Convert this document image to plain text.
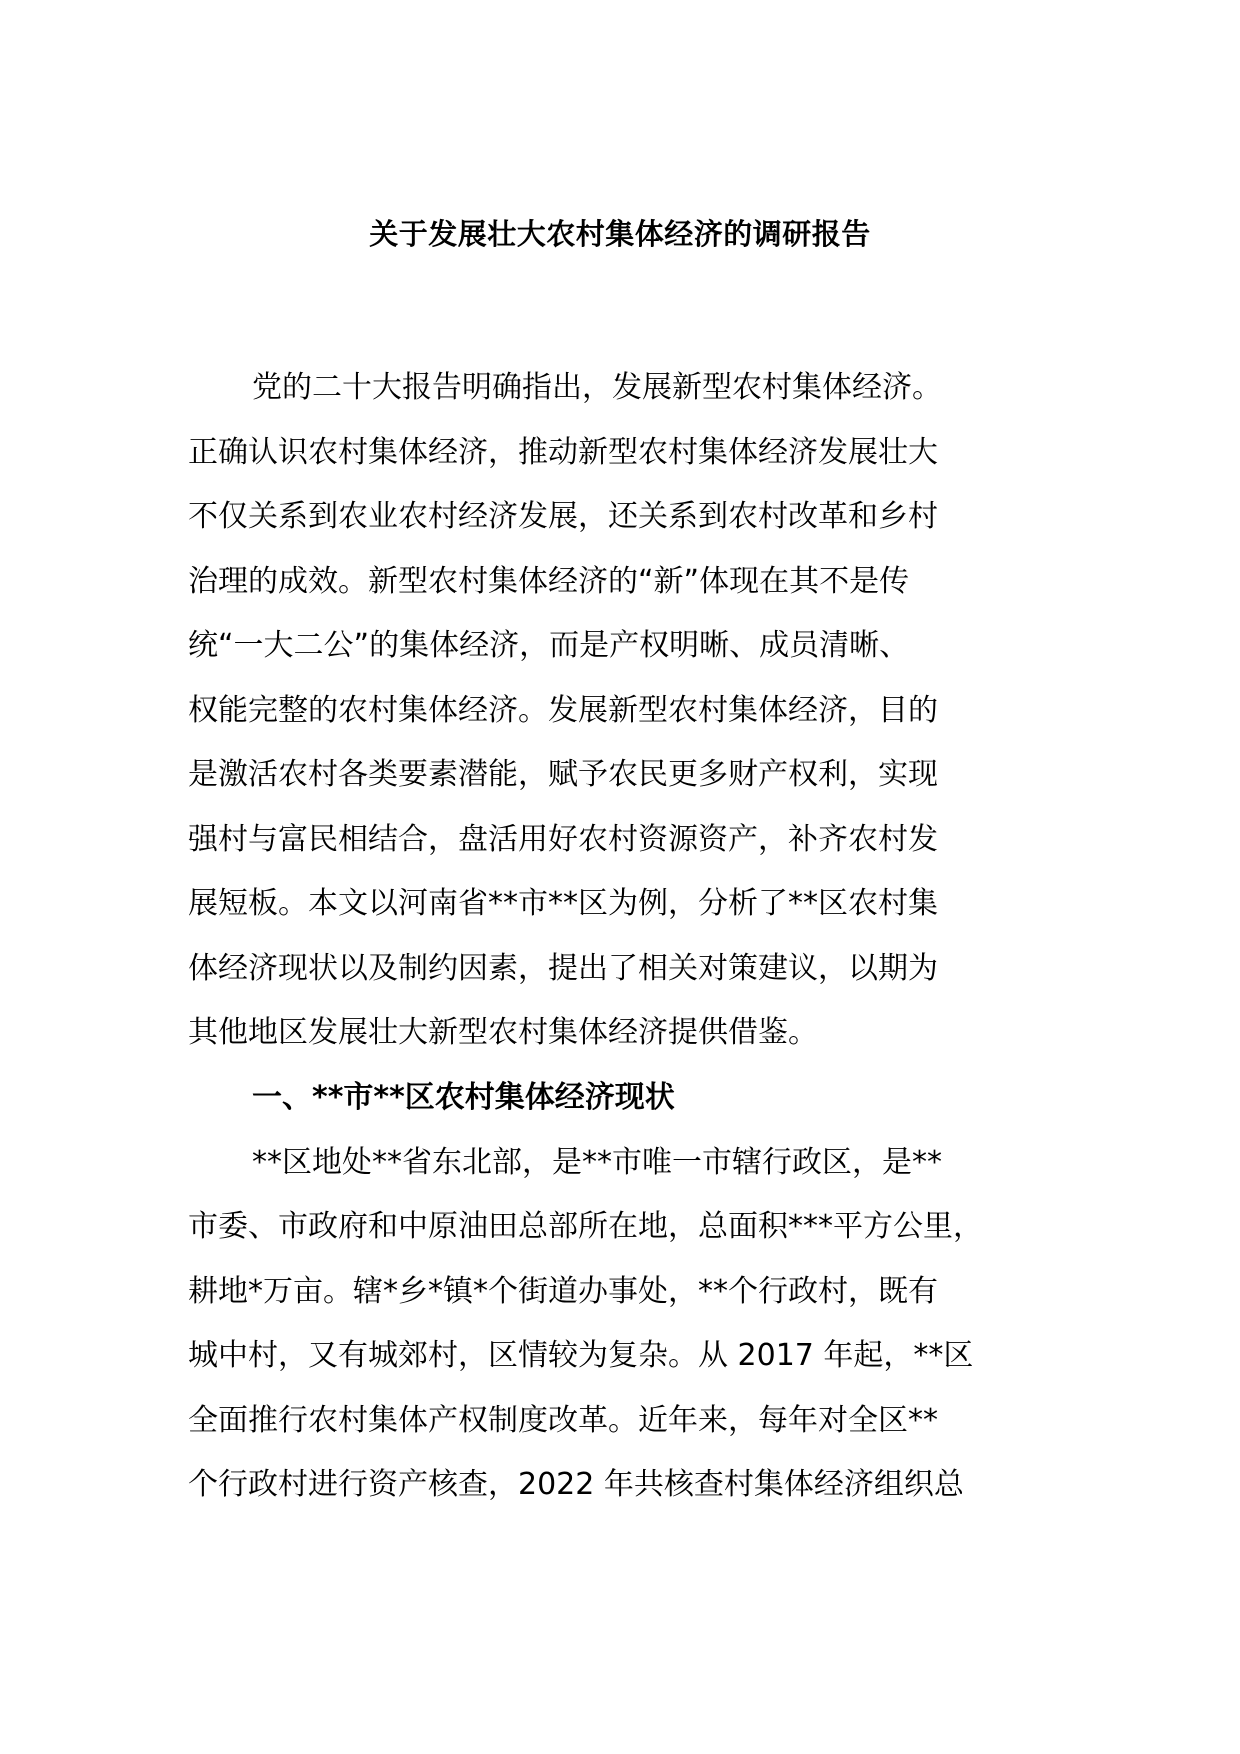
关于发展壮大农村集体经济的调研报告
党的二十大报告明确指出，发展新型农村集体经济。
正确认识农村集体经济，推动新型农村集体经济发展壮大
不仅关系到农业农村经济发展，还关系到农村改革和乡村
治理的成效。新型农村集体经济的“新”体现在其不是传
统“一大二公”的集体经济，而是产权明晰、成员清晰、
权能完整的农村集体经济。发展新型农村集体经济，目的
是激活农村各类要素潜能，赋予农民更多财产权利，实现
强村与富民相结合，盘活用好农村资源资产，补齐农村发
展短板。本文以河南省**市**区为例，分析了**区农村集
体经济现状以及制约因素，提出了相关对策建议，以期为
其他地区发展壮大新型农村集体经济提供借鉴。
一、**市**区农村集体经济现状
**区地处**省东北部，是**市唯一市辖行政区，是**
市委、市政府和中原油田总部所在地，总面积***平方公里，
耕地*万亩。辖*乡*镇*个街道办事处，**个行政村，既有
城中村，又有城郊村，区情较为复杂。从 2017 年起，**区
全面推行农村集体产权制度改革。近年来，每年对全区**
个行政村进行资产核查，2022 年共核查村集体经济组织总
